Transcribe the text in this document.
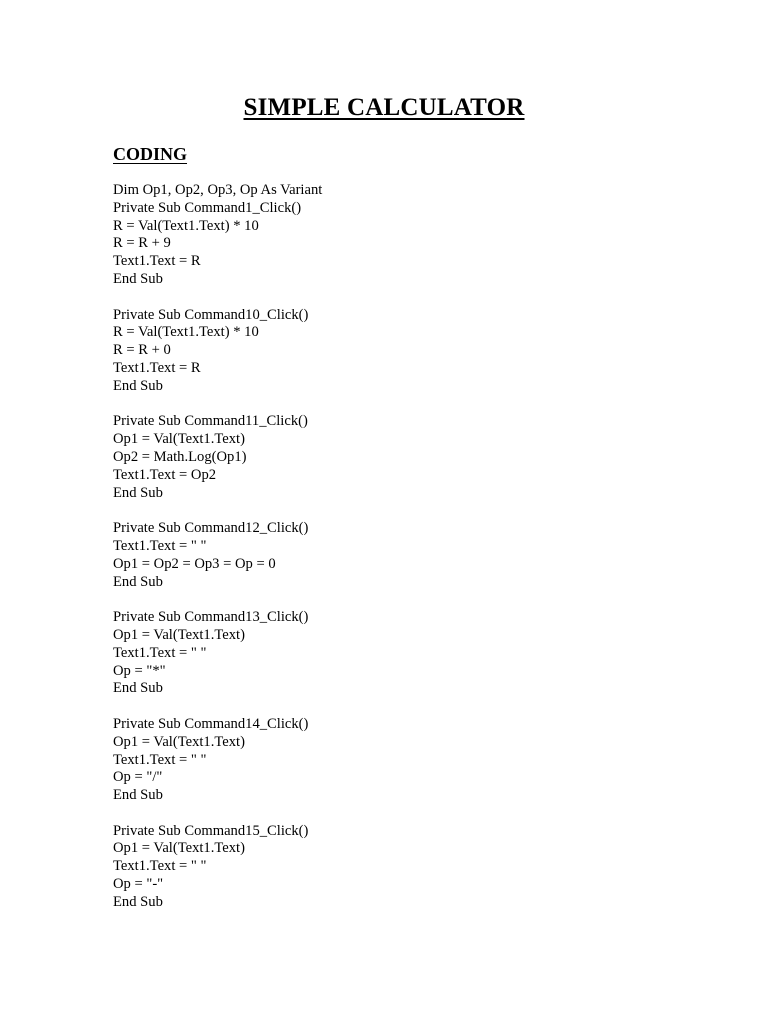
SIMPLE CALCULATOR
CODING
Dim Op1, Op2, Op3, Op As Variant
Private Sub Command1_Click()
R = Val(Text1.Text) * 10
R = R + 9
Text1.Text = R
End Sub
Private Sub Command10_Click()
R = Val(Text1.Text) * 10
R = R + 0
Text1.Text = R
End Sub
Private Sub Command11_Click()
Op1 = Val(Text1.Text)
Op2 = Math.Log(Op1)
Text1.Text = Op2
End Sub
Private Sub Command12_Click()
Text1.Text = " "
Op1 = Op2 = Op3 = Op = 0
End Sub
Private Sub Command13_Click()
Op1 = Val(Text1.Text)
Text1.Text = " "
Op = "*"
End Sub
Private Sub Command14_Click()
Op1 = Val(Text1.Text)
Text1.Text = " "
Op = "/"
End Sub
Private Sub Command15_Click()
Op1 = Val(Text1.Text)
Text1.Text = " "
Op = "-"
End Sub
